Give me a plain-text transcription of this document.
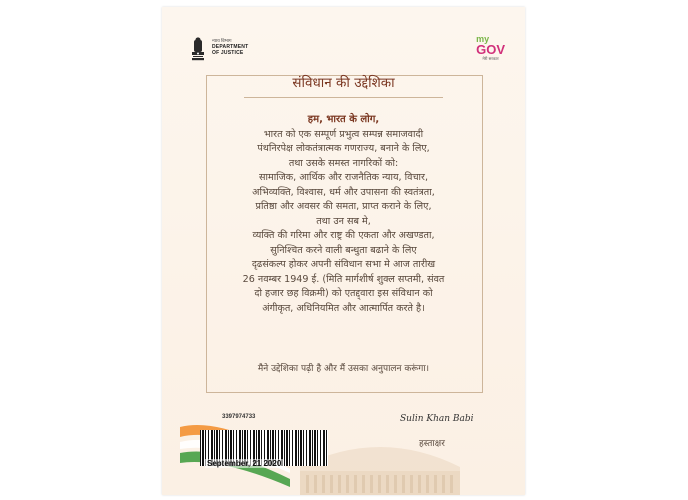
न्याय विभाग
DEPARTMENT
OF JUSTICE
my
GOV
मेरी सरकार
संविधान की उद्देशिका
हम, भारत के लोग,
भारत को एक सम्पूर्ण प्रभुत्व सम्पन्न समाजवादी
पंथनिरपेक्ष लोकतंत्रात्मक गणराज्य, बनाने के लिए,
तथा उसके समस्त नागरिकों को:
सामाजिक, आर्थिक और राजनैतिक न्याय, विचार,
अभिव्यक्ति, विश्वास, धर्म और उपासना की स्वतंत्रता,
प्रतिष्ठा और अवसर की समता, प्राप्त कराने के लिए,
तथा उन सब मे,
व्यक्ति की गरिमा और राष्ट्र की एकता और अखण्डता,
सुनिश्चित करने वाली बन्धुता बढाने के लिए
दृढसंकल्प होकर अपनी संविधान सभा मे आज तारीख
26 नवम्बर 1949 ई. (मिति मार्गशीर्ष शुक्ल सप्तमी, संवत
दो हजार छह विक्रमी) को एतद्द्वारा इस संविधान को
अंगीकृत, अधिनियमित और आत्मार्पित करते है।
मैने उद्देशिका पढ़ी है और मैं उसका अनुपालन करूंगा।
3397974733
September, 21 2020
Sulin Khan Babi
हस्ताक्षर
